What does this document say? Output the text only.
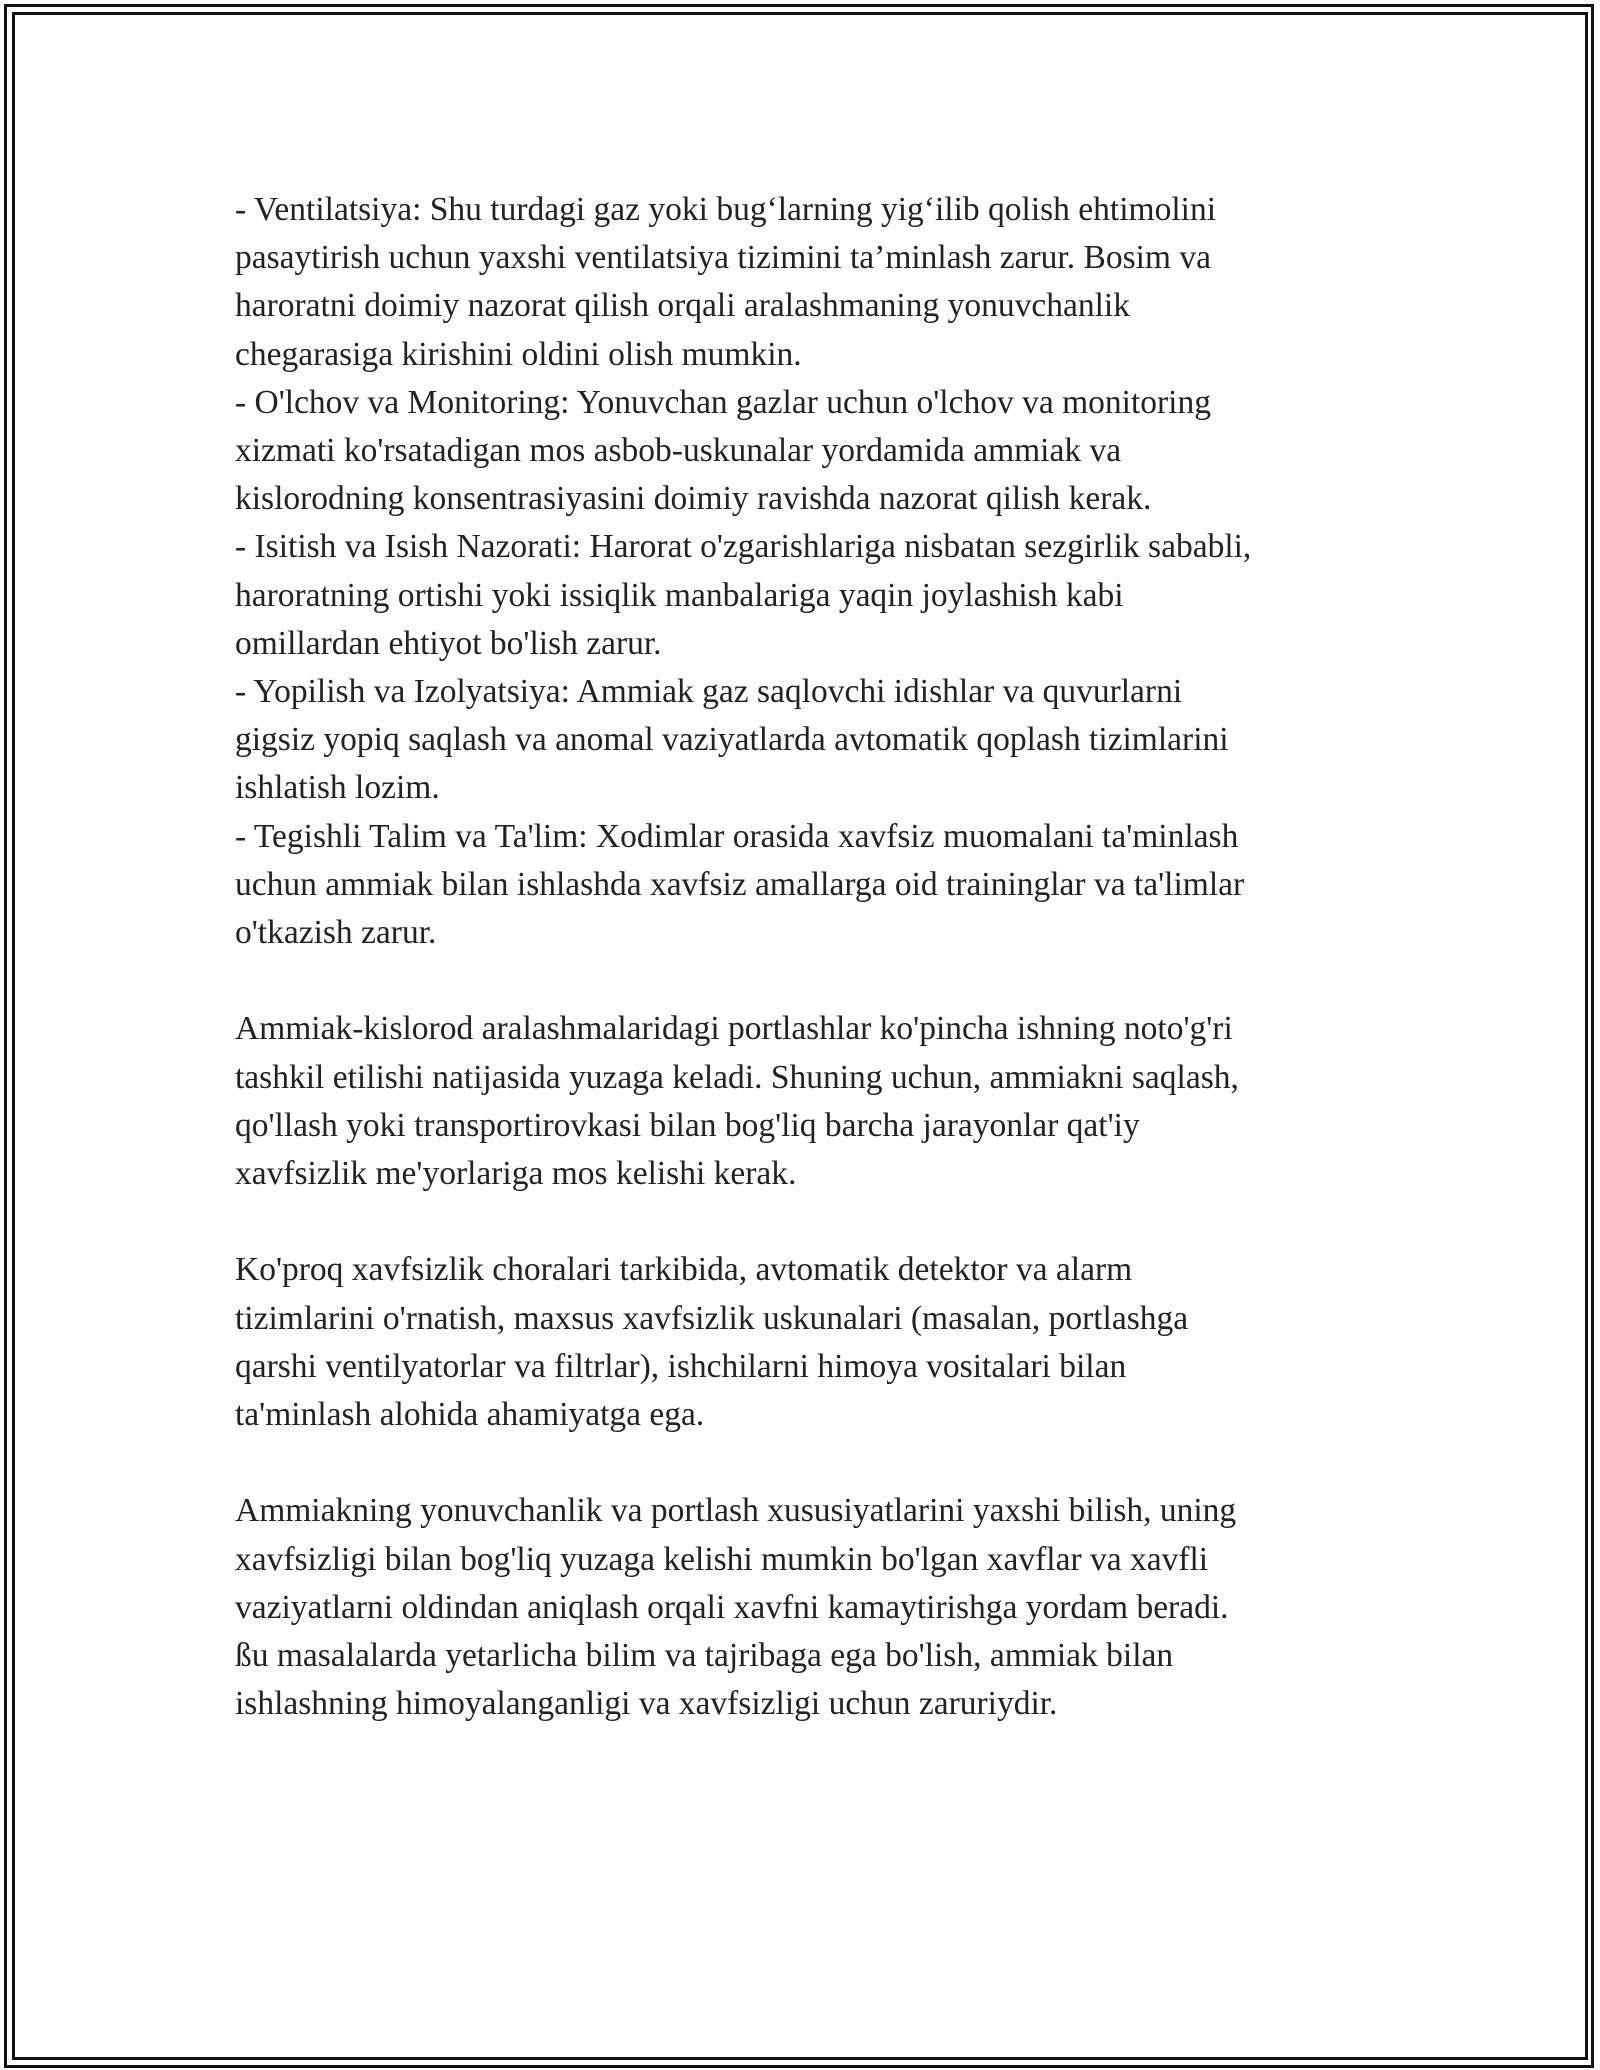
- Ventilatsiya: Shu turdagi gaz yoki bug‘larning yig‘ilib qolish ehtimolini
pasaytirish uchun yaxshi ventilatsiya tizimini ta’minlash zarur. Bosim va
haroratni doimiy nazorat qilish orqali aralashmaning yonuvchanlik
chegarasiga kirishini oldini olish mumkin.
- O'lchov va Monitoring: Yonuvchan gazlar uchun o'lchov va monitoring
xizmati ko'rsatadigan mos asbob-uskunalar yordamida ammiak va
kislorodning konsentrasiyasini doimiy ravishda nazorat qilish kerak.
- Isitish va Isish Nazorati: Harorat o'zgarishlariga nisbatan sezgirlik sababli,
haroratning ortishi yoki issiqlik manbalariga yaqin joylashish kabi
omillardan ehtiyot bo'lish zarur.
- Yopilish va Izolyatsiya: Ammiak gaz saqlovchi idishlar va quvurlarni
gigsiz yopiq saqlash va anomal vaziyatlarda avtomatik qoplash tizimlarini
ishlatish lozim.
- Tegishli Talim va Ta'lim: Xodimlar orasida xavfsiz muomalani ta'minlash
uchun ammiak bilan ishlashda xavfsiz amallarga oid traininglar va ta'limlar
o'tkazish zarur.
Ammiak-kislorod aralashmalaridagi portlashlar ko'pincha ishning noto'g'ri
tashkil etilishi natijasida yuzaga keladi. Shuning uchun, ammiakni saqlash,
qo'llash yoki transportirovkasi bilan bog'liq barcha jarayonlar qat'iy
xavfsizlik me'yorlariga mos kelishi kerak.
Ko'proq xavfsizlik choralari tarkibida, avtomatik detektor va alarm
tizimlarini o'rnatish, maxsus xavfsizlik uskunalari (masalan, portlashga
qarshi ventilyatorlar va filtrlar), ishchilarni himoya vositalari bilan
ta'minlash alohida ahamiyatga ega.
Ammiakning yonuvchanlik va portlash xususiyatlarini yaxshi bilish, uning
xavfsizligi bilan bog'liq yuzaga kelishi mumkin bo'lgan xavflar va xavfli
vaziyatlarni oldindan aniqlash orqali xavfni kamaytirishga yordam beradi.
ßu masalalarda yetarlicha bilim va tajribaga ega bo'lish, ammiak bilan
ishlashning himoyalanganligi va xavfsizligi uchun zaruriydir.
